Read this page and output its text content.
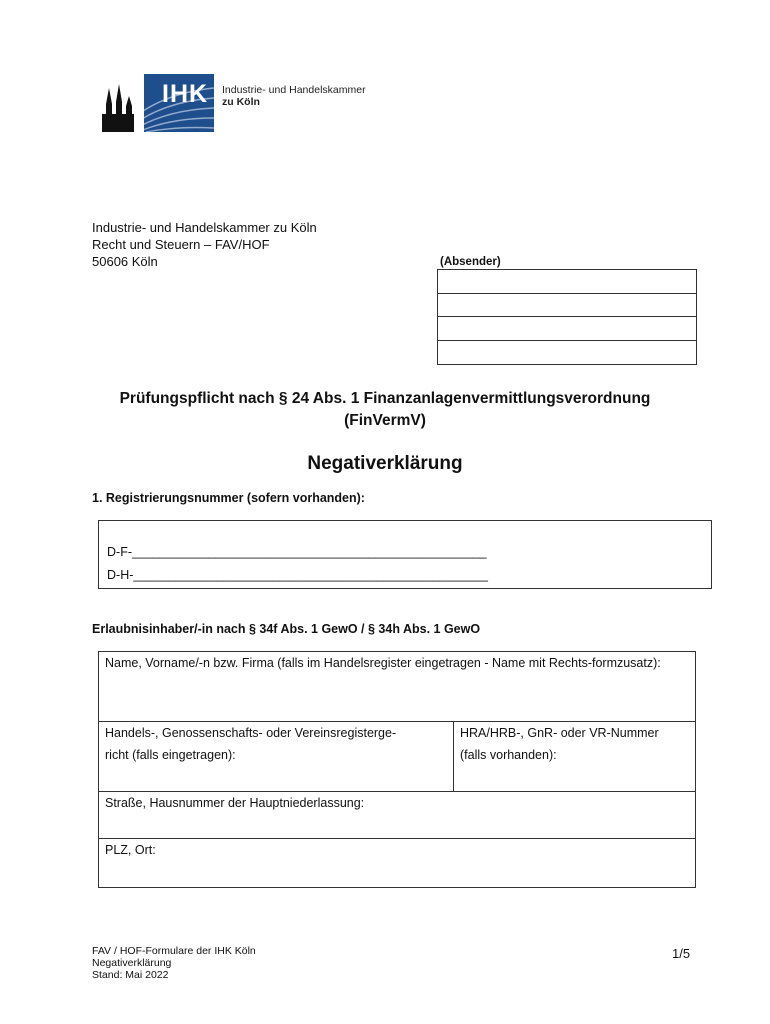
IHK Industrie- und Handelskammer
zu Köln
Industrie- und Handelskammer zu Köln
Recht und Steuern – FAV/HOF
50606 Köln	(Absender)
Prüfungspflicht nach § 24 Abs. 1 Finanzanlagenvermittlungsverordnung
(FinVermV)
Negativerklärung
1. Registrierungsnummer (sofern vorhanden):
D-F-___________________________________________________
D-H-___________________________________________________
Erlaubnisinhaber/-in nach § 34f Abs. 1 GewO / § 34h Abs. 1 GewO
Name, Vorname/-n bzw. Firma (falls im Handelsregister eingetragen - Name mit Rechts-formzusatz):

Handels-, Genossenschafts- oder Vereinsregisterge-
richt (falls eingetragen):

HRA/HRB-, GnR- oder VR-Nummer
(falls vorhanden):

Straße, Hausnummer der Hauptniederlassung:
PLZ, Ort:
FAV / HOF-Formulare der IHK Köln
Negativerklärung
Stand: Mai 2022
1/5
